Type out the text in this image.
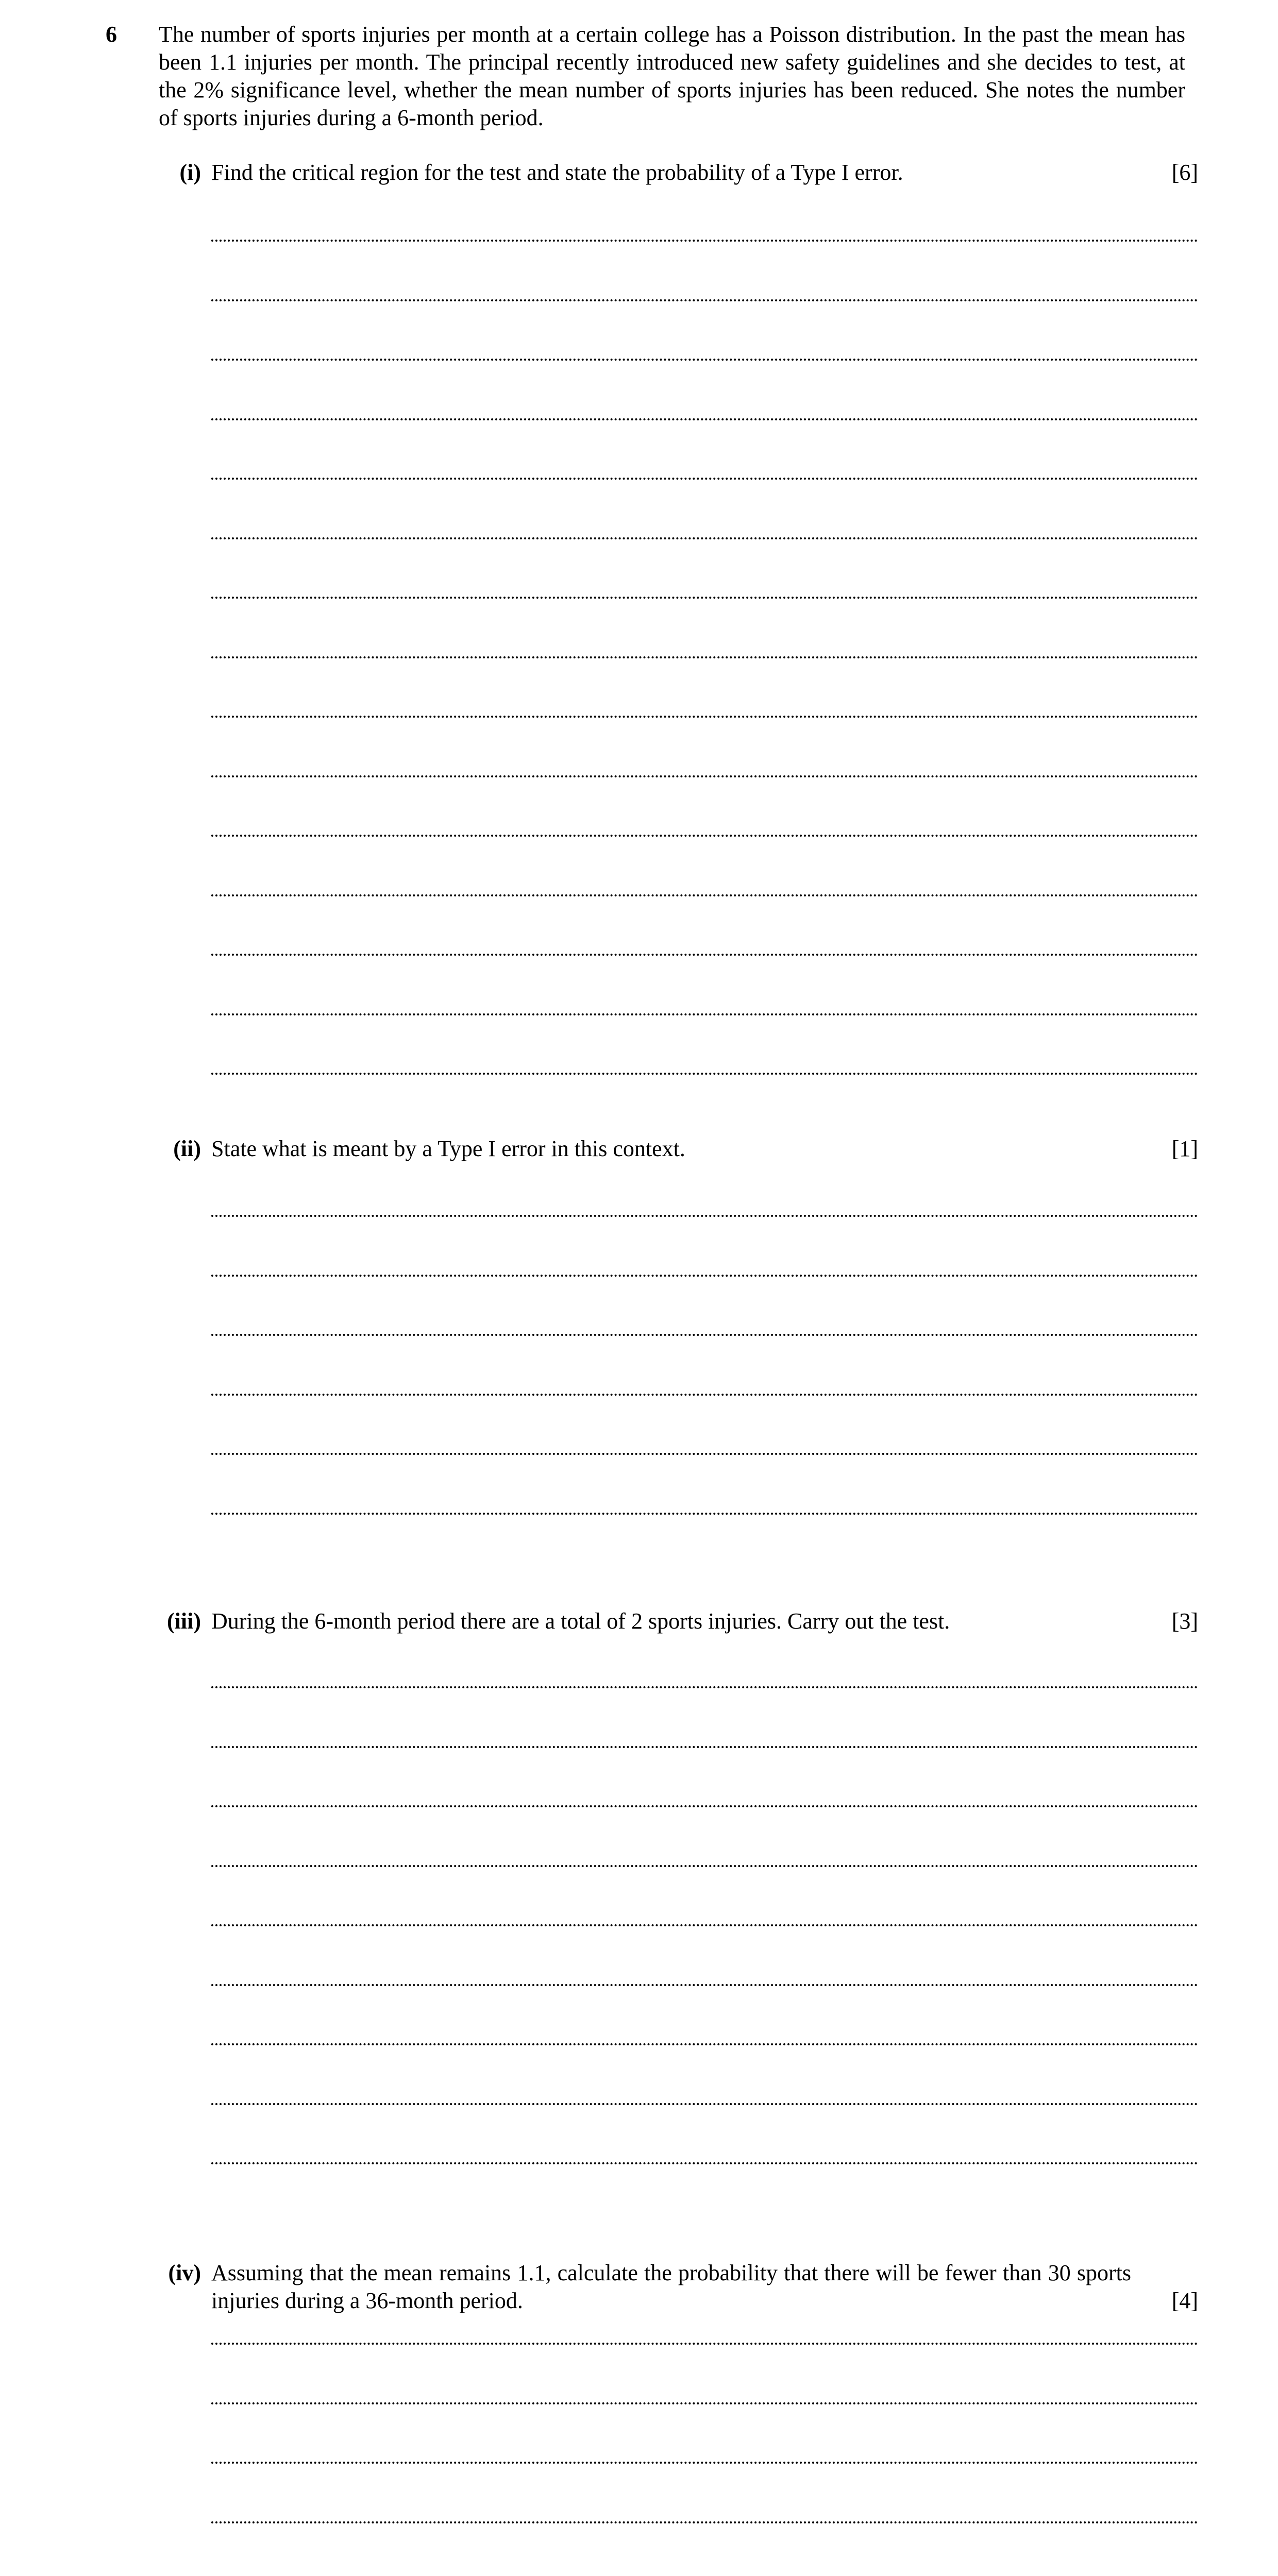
6 The number of sports injuries per month at a certain college has a Poisson distribution. In the past the mean has been 1.1 injuries per month. The principal recently introduced new safety guidelines and she decides to test, at the 2% significance level, whether the mean number of sports injuries has been reduced. She notes the number of sports injuries during a 6-month period.
(i) Find the critical region for the test and state the probability of a Type I error.	[6]
(ii) State what is meant by a Type I error in this context.	[1]
(iii) During the 6-month period there are a total of 2 sports injuries. Carry out the test.	[3]
(iv) Assuming that the mean remains 1.1, calculate the probability that there will be fewer than 30 sports injuries during a 36-month period.	[4]
